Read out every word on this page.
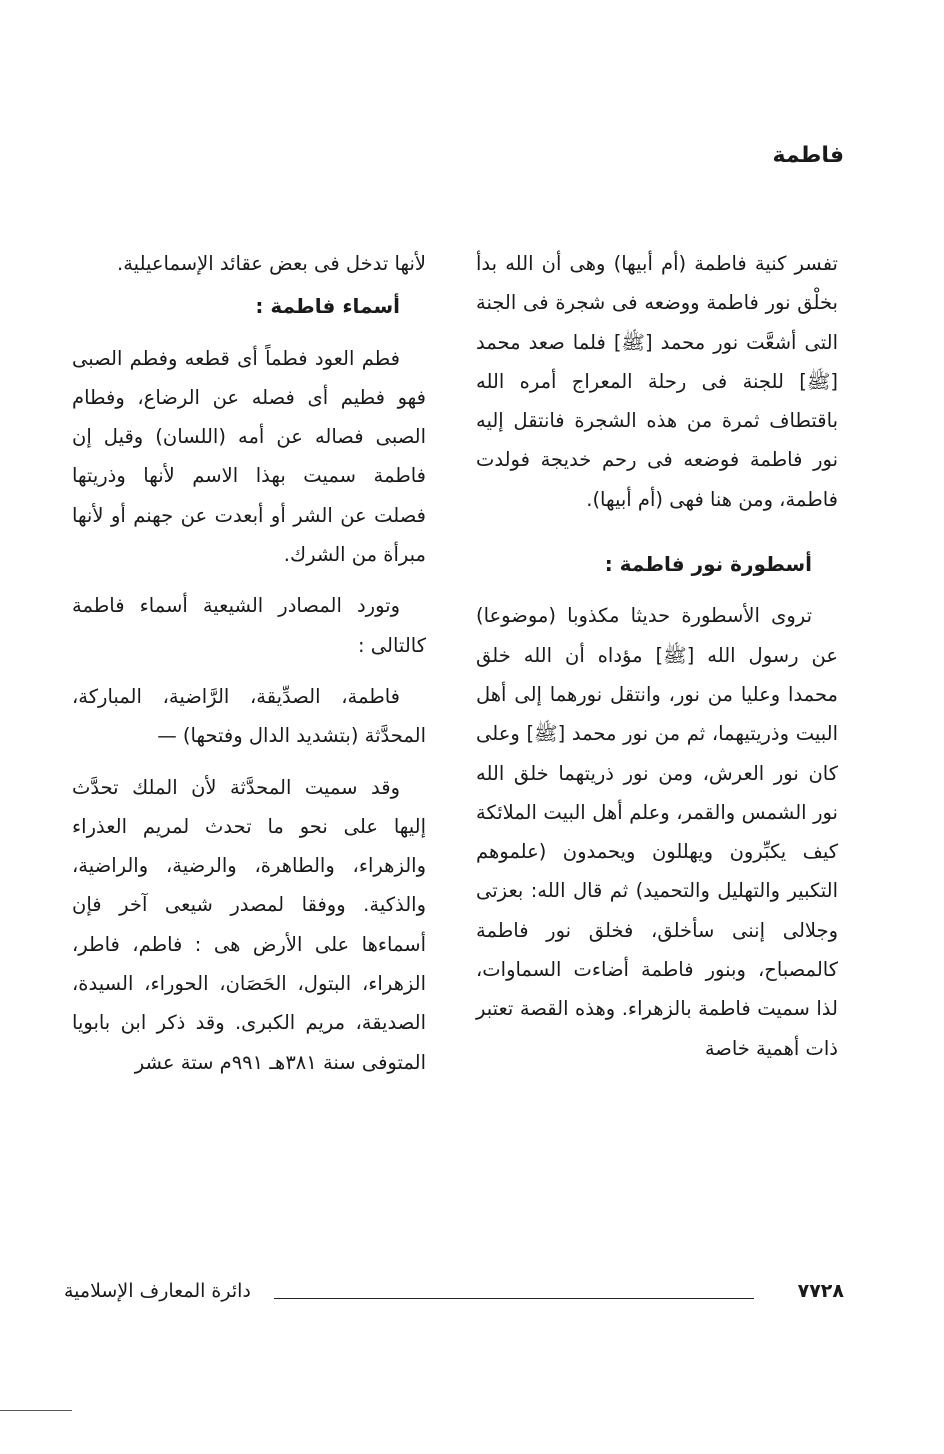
فاطمة

تفسر كنية فاطمة (أم أبيها) وهى أن الله بدأ بخلْق نور فاطمة ووضعه فى شجرة فى الجنة التى أشعَّت نور محمد [ﷺ] فلما صعد محمد [ﷺ] للجنة فى رحلة المعراج أمره الله باقتطاف ثمرة من هذه الشجرة فانتقل إليه نور فاطمة فوضعه فى رحم خديجة فولدت فاطمة، ومن هنا فهى (أم أبيها).

أسطورة نور فاطمة :

تروى الأسطورة حديثا مكذوبا (موضوعا) عن رسول الله [ﷺ] مؤداه أن الله خلق محمدا وعليا من نور، وانتقل نورهما إلى أهل البيت وذريتيهما، ثم من نور محمد [ﷺ] وعلى كان نور العرش، ومن نور ذريتهما خلق الله نور الشمس والقمر، وعلم أهل البيت الملائكة كيف يكبِّرون ويهللون ويحمدون (علموهم التكبير والتهليل والتحميد) ثم قال الله: بعزتى وجلالى إننى سأخلق، فخلق نور فاطمة كالمصباح، وبنور فاطمة أضاءت السماوات، لذا سميت فاطمة بالزهراء. وهذه القصة تعتبر ذات أهمية خاصة

لأنها تدخل فى بعض عقائد الإسماعيلية.

أسماء فاطمة :

فطم العود فطماً أى قطعه وفطم الصبى فهو فطيم أى فصله عن الرضاع، وفطام الصبى فصاله عن أمه (اللسان) وقيل إن فاطمة سميت بهذا الاسم لأنها وذريتها فصلت عن الشر أو أبعدت عن جهنم أو لأنها مبرأة من الشرك.

وتورد المصادر الشيعية أسماء فاطمة كالتالى :

فاطمة، الصدِّيقة، الرَّاضية، المباركة، المحدَّثة (بتشديد الدال وفتحها) —

وقد سميت المحدَّثة لأن الملك تحدَّث إليها على نحو ما تحدث لمريم العذراء والزهراء، والطاهرة، والرضية، والراضية، والذكية. ووفقا لمصدر شيعى آخر فإن أسماءها على الأرض هى : فاطم، فاطر، الزهراء، البتول، الحَصَان، الحوراء، السيدة، الصديقة، مريم الكبرى. وقد ذكر ابن بابويا المتوفى سنة ٣٨١هـ ٩٩١م ستة عشر

دائرة المعارف الإسلامية	٧٧٢٨
